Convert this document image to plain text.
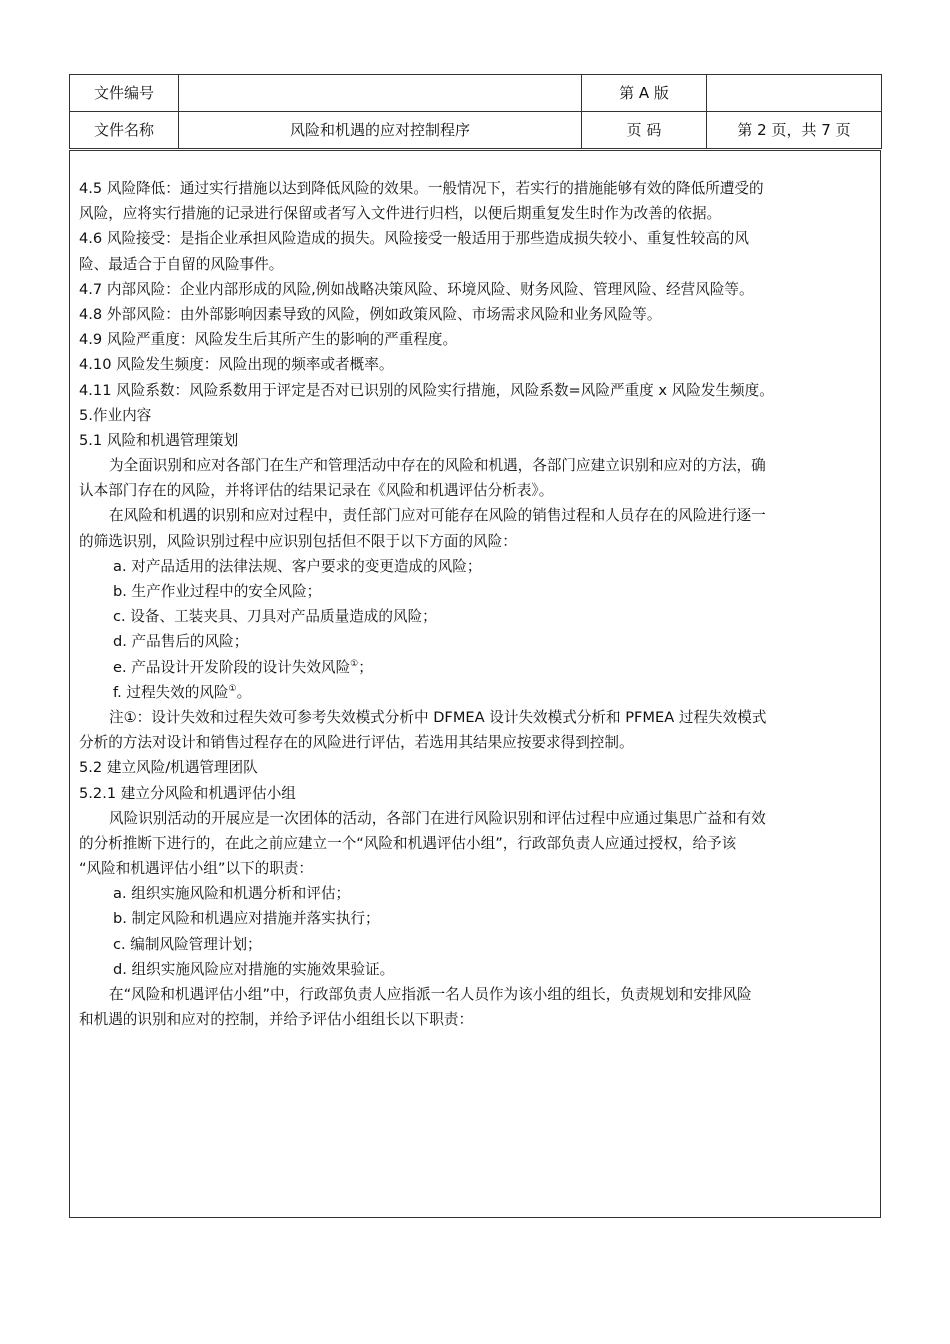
文件编号		第 A 版	
文件名称	风险和机遇的应对控制程序	页 码	第 2 页，共 7 页

4.5 风险降低：通过实行措施以达到降低风险的效果。一般情况下，若实行的措施能够有效的降低所遭受的

风险，应将实行措施的记录进行保留或者写入文件进行归档，以便后期重复发生时作为改善的依据。

4.6 风险接受：是指企业承担风险造成的损失。风险接受一般适用于那些造成损失较小、重复性较高的风

险、最适合于自留的风险事件。

4.7 内部风险：企业内部形成的风险,例如战略决策风险、环境风险、财务风险、管理风险、经营风险等。

4.8 外部风险：由外部影响因素导致的风险，例如政策风险、市场需求风险和业务风险等。

4.9 风险严重度：风险发生后其所产生的影响的严重程度。

4.10 风险发生频度：风险出现的频率或者概率。

4.11 风险系数：风险系数用于评定是否对已识别的风险实行措施，风险系数=风险严重度 x 风险发生频度。

5.作业内容

5.1 风险和机遇管理策划

为全面识别和应对各部门在生产和管理活动中存在的风险和机遇，各部门应建立识别和应对的方法，确

认本部门存在的风险，并将评估的结果记录在《风险和机遇评估分析表》。

在风险和机遇的识别和应对过程中，责任部门应对可能存在风险的销售过程和人员存在的风险进行逐一

的筛选识别，风险识别过程中应识别包括但不限于以下方面的风险：

a. 对产品适用的法律法规、客户要求的变更造成的风险；

b. 生产作业过程中的安全风险；

c. 设备、工装夹具、刀具对产品质量造成的风险；

d. 产品售后的风险；

e. 产品设计开发阶段的设计失效风险①；

f. 过程失效的风险①。

注①：设计失效和过程失效可参考失效模式分析中 DFMEA 设计失效模式分析和 PFMEA 过程失效模式

分析的方法对设计和销售过程存在的风险进行评估，若选用其结果应按要求得到控制。

5.2 建立风险/机遇管理团队

5.2.1 建立分风险和机遇评估小组

风险识别活动的开展应是一次团体的活动，各部门在进行风险识别和评估过程中应通过集思广益和有效

的分析推断下进行的，在此之前应建立一个“风险和机遇评估小组”，行政部负责人应通过授权，给予该

“风险和机遇评估小组”以下的职责：

a. 组织实施风险和机遇分析和评估；

b. 制定风险和机遇应对措施并落实执行；

c. 编制风险管理计划；

d. 组织实施风险应对措施的实施效果验证。

在“风险和机遇评估小组”中，行政部负责人应指派一名人员作为该小组的组长，负责规划和安排风险

和机遇的识别和应对的控制，并给予评估小组组长以下职责：
